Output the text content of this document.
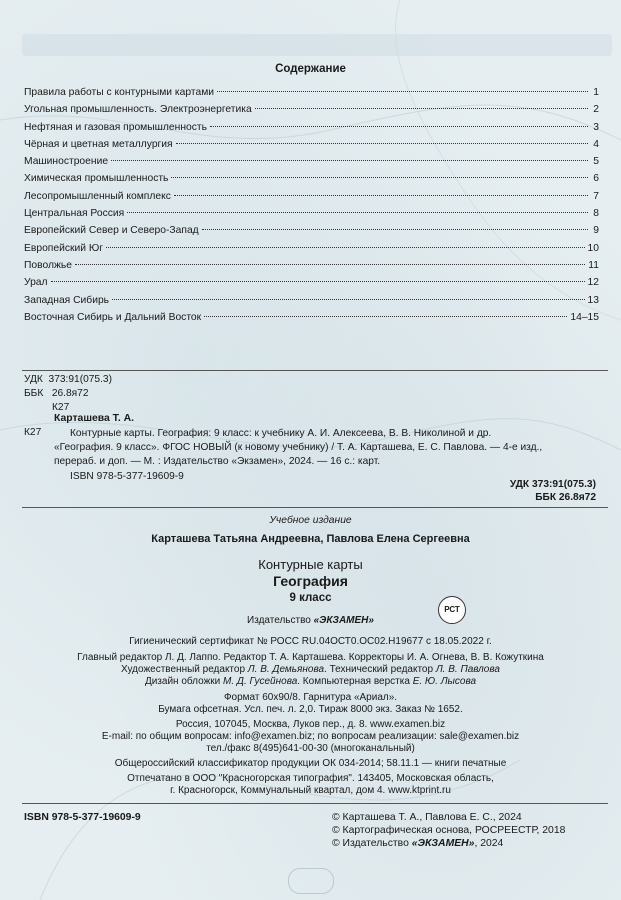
Содержание
Правила работы с контурными картами	1
Угольная промышленность. Электроэнергетика	2
Нефтяная и газовая промышленность	3
Чёрная и цветная металлургия	4
Машиностроение	5
Химическая промышленность	6
Лесопромышленный комплекс	7
Центральная Россия	8
Европейский Север и Северо-Запад	9
Европейский Юг	10
Поволжье	11
Урал	12
Западная Сибирь	13
Восточная Сибирь и Дальний Восток	14–15
УДК 373:91(075.3)
ББК 26.8я72
К27
Карташева Т. А.
К27	Контурные карты. География: 9 класс: к учебнику А. И. Алексеева, В. В. Николиной и др.
«География. 9 класс». ФГОС НОВЫЙ (к новому учебнику) / Т. А. Карташева, Е. С. Павлова. — 4-е изд.,
перераб. и доп. — М. : Издательство «Экзамен», 2024. — 16 с.: карт.
ISBN 978-5-377-19609-9
УДК 373:91(075.3)
ББК 26.8я72
Учебное издание
Карташева Татьяна Андреевна, Павлова Елена Сергеевна
Контурные карты
География
9 класс
РСТ
Издательство «ЭКЗАМЕН»
Гигиенический сертификат № РОСС RU.04ОСТ0.ОС02.Н19677 с 18.05.2022 г.
Главный редактор Л. Д. Лаппо. Редактор Т. А. Карташева. Корректоры И. А. Огнева, В. В. Кожуткина
Художественный редактор Л. В. Демьянова. Технический редактор Л. В. Павлова
Дизайн обложки М. Д. Гусейнова. Компьютерная верстка Е. Ю. Лысова
Формат 60х90/8. Гарнитура «Ариал».
Бумага офсетная. Усл. печ. л. 2,0. Тираж 8000 экз. Заказ № 1652.
Россия, 107045, Москва, Луков пер., д. 8. www.examen.biz
E-mail: по общим вопросам: info@examen.biz; по вопросам реализации: sale@examen.biz
тел./факс 8(495)641-00-30 (многоканальный)
Общероссийский классификатор продукции ОК 034-2014; 58.11.1 — книги печатные
Отпечатано в ООО "Красногорская типография". 143405, Московская область,
г. Красногорск, Коммунальный квартал, дом 4. www.ktprint.ru
ISBN 978-5-377-19609-9	© Карташева Т. А., Павлова Е. С., 2024
© Картографическая основа, РОСРЕЕСТР, 2018
© Издательство «ЭКЗАМЕН», 2024
